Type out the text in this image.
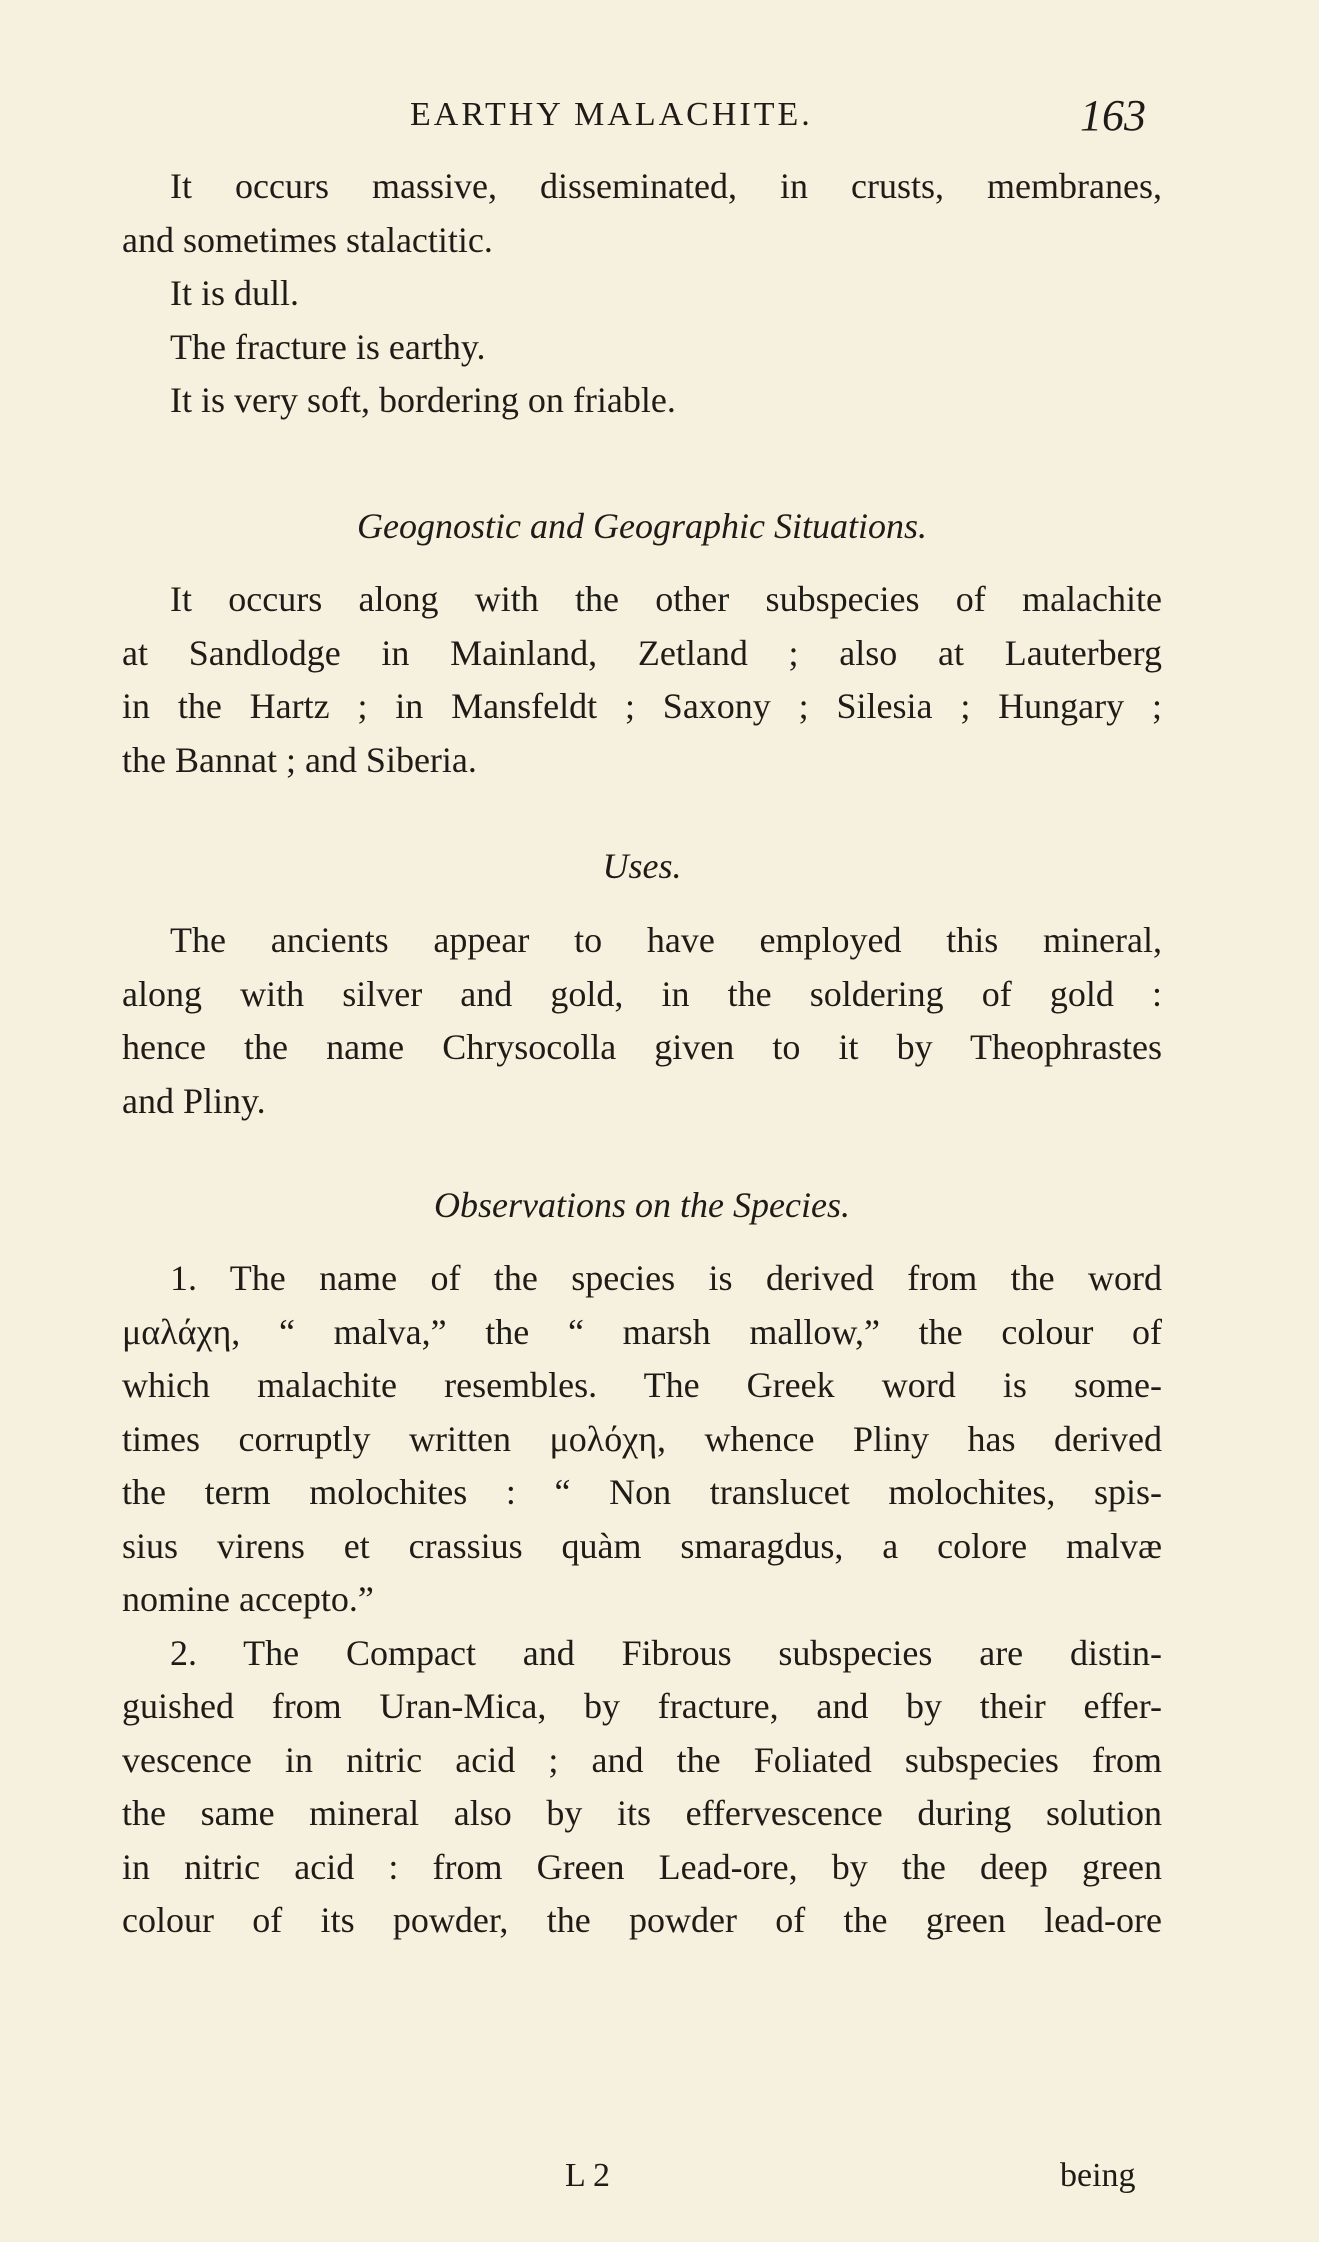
EARTHY MALACHITE.	163

It occurs massive, disseminated, in crusts, membranes,
and sometimes stalactitic.
It is dull.
The fracture is earthy.
It is very soft, bordering on friable.

Geognostic and Geographic Situations.

It occurs along with the other subspecies of malachite
at Sandlodge in Mainland, Zetland ; also at Lauterberg
in the Hartz ; in Mansfeldt ; Saxony ; Silesia ; Hungary ;
the Bannat ; and Siberia.

Uses.

The ancients appear to have employed this mineral,
along with silver and gold, in the soldering of gold :
hence the name Chrysocolla given to it by Theophrastes
and Pliny.

Observations on the Species.

1. The name of the species is derived from the word
μαλάχη, “ malva,” the “ marsh mallow,” the colour of
which malachite resembles. The Greek word is some-
times corruptly written μολόχη, whence Pliny has derived
the term molochites : “ Non translucet molochites, spis-
sius virens et crassius quàm smaragdus, a colore malvæ
nomine accepto.”
2. The Compact and Fibrous subspecies are distin-
guished from Uran-Mica, by fracture, and by their effer-
vescence in nitric acid ; and the Foliated subspecies from
the same mineral also by its effervescence during solution
in nitric acid : from Green Lead-ore, by the deep green
colour of its powder, the powder of the green lead-ore

L 2	being
